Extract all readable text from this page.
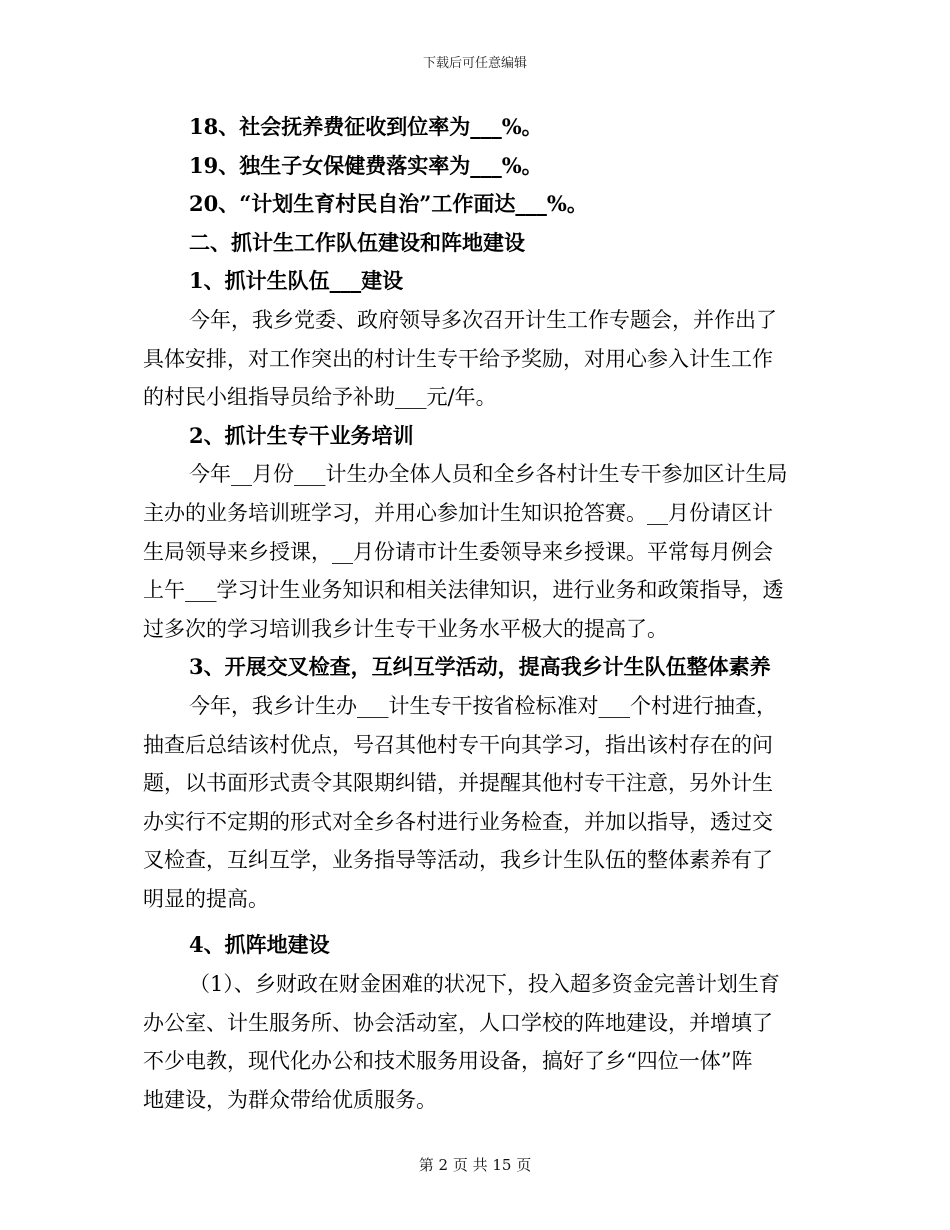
下载后可任意编辑
18、社会抚养费征收到位率为___%。
19、独生子女保健费落实率为___%。
20、“计划生育村民自治”工作面达___%。
二、抓计生工作队伍建设和阵地建设
1、抓计生队伍___建设
今年，我乡党委、政府领导多次召开计生工作专题会，并作出了
具体安排，对工作突出的村计生专干给予奖励，对用心参入计生工作
的村民小组指导员给予补助___元/年。
2、抓计生专干业务培训
今年__月份___计生办全体人员和全乡各村计生专干参加区计生局
主办的业务培训班学习，并用心参加计生知识抢答赛。__月份请区计
生局领导来乡授课，__月份请市计生委领导来乡授课。平常每月例会
上午___学习计生业务知识和相关法律知识，进行业务和政策指导，透
过多次的学习培训我乡计生专干业务水平极大的提高了。
3、开展交叉检查，互纠互学活动，提高我乡计生队伍整体素养
今年，我乡计生办___计生专干按省检标准对___个村进行抽查，
抽查后总结该村优点，号召其他村专干向其学习，指出该村存在的问
题，以书面形式责令其限期纠错，并提醒其他村专干注意，另外计生
办实行不定期的形式对全乡各村进行业务检查，并加以指导，透过交
叉检查，互纠互学，业务指导等活动，我乡计生队伍的整体素养有了
明显的提高。
4、抓阵地建设
（1）、乡财政在财金困难的状况下，投入超多资金完善计划生育
办公室、计生服务所、协会活动室，人口学校的阵地建设，并增填了
不少电教，现代化办公和技术服务用设备，搞好了乡“四位一体”阵
地建设，为群众带给优质服务。
第 2 页 共 15 页
